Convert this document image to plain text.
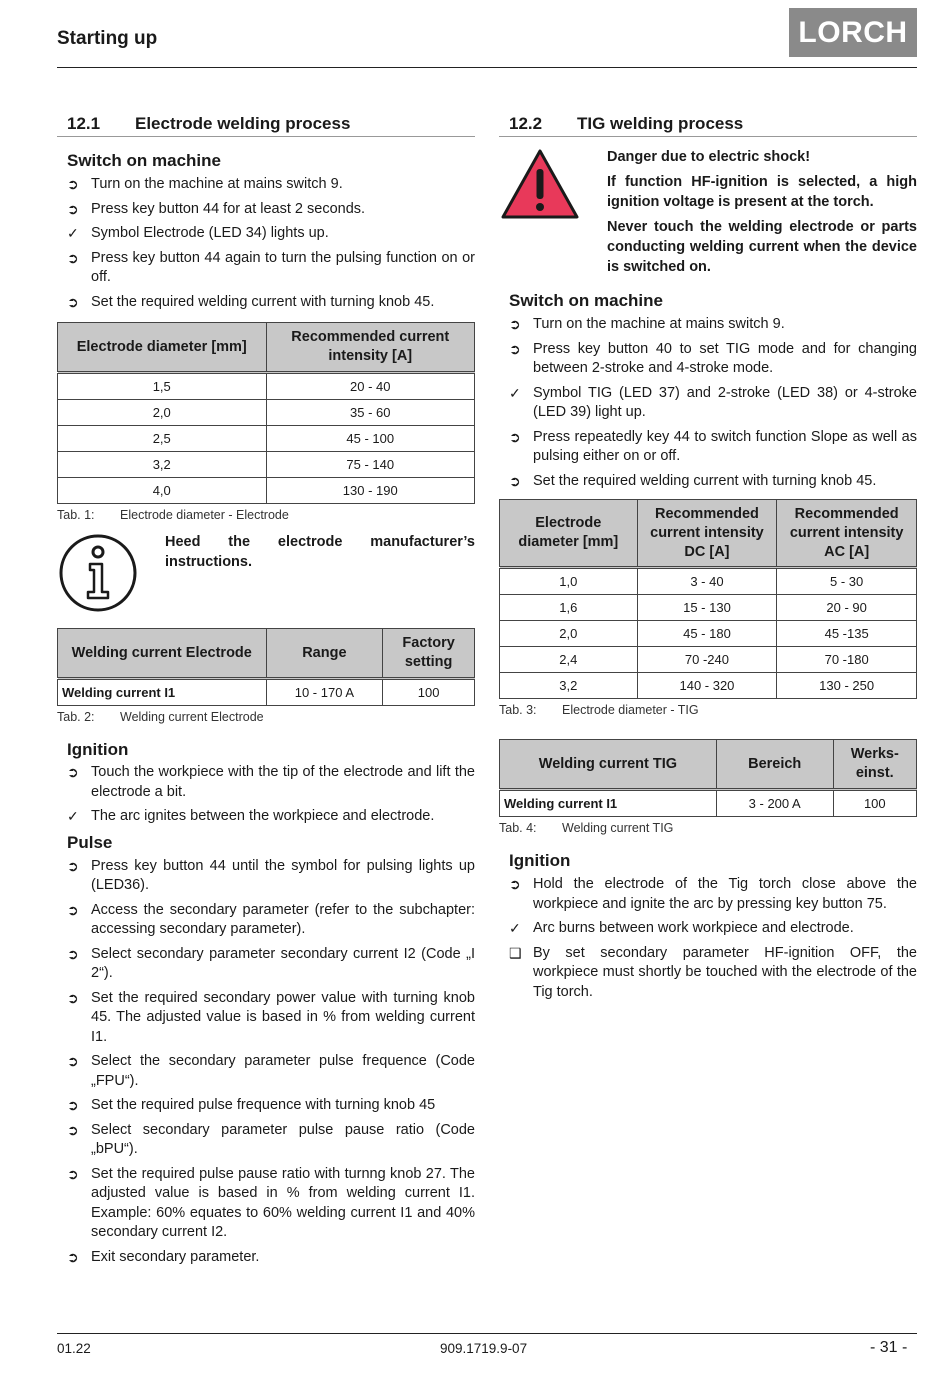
Starting up	LORCH
12.1 Electrode welding process
Switch on machine
➲ Turn on the machine at mains switch 9.
➲ Press key button 44 for at least 2 seconds.
✓ Symbol Electrode (LED 34) lights up.
➲ Press key button 44 again to turn the pulsing function on or off.
➲ Set the required welding current with turning knob 45.
Electrode diameter [mm]	Recommended current intensity [A]
1,5	20 - 40
2,0	35 - 60
2,5	45 - 100
3,2	75 - 140
4,0	130 - 190
Tab. 1: Electrode diameter - Electrode
Heed the electrode manufacturer’s instructions.
Welding current Electrode	Range	Factory setting
Welding current I1	10 - 170 A	100
Tab. 2: Welding current Electrode
Ignition
➲ Touch the workpiece with the tip of the electrode and lift the electrode a bit.
✓ The arc ignites between the workpiece and electrode.
Pulse
➲ Press key button 44 until the symbol for pulsing lights up (LED36).
➲ Access the secondary parameter (refer to the subchapter: accessing secondary parameter).
➲ Select secondary parameter secondary current I2 (Code „I 2“).
➲ Set the required secondary power value with turning knob 45. The adjusted value is based in % from welding current I1.
➲ Select the secondary parameter pulse frequence (Code „FPU“).
➲ Set the required pulse frequence with turning knob 45
➲ Select secondary parameter pulse pause ratio (Code „bPU“).
➲ Set the required pulse pause ratio with turnng knob 27. The adjusted value is based in % from welding current I1. Example: 60% equates to 60% welding current I1 and 40% secondary current I2.
➲ Exit secondary parameter.
12.2 TIG welding process
Danger due to electric shock!
If function HF-ignition is selected, a high ignition voltage is present at the torch.
Never touch the welding electrode or parts conducting welding current when the device is switched on.
Switch on machine
➲ Turn on the machine at mains switch 9.
➲ Press key button 40 to set TIG mode and for changing between 2-stroke and 4-stroke mode.
✓ Symbol TIG (LED 37) and 2-stroke (LED 38) or 4-stroke (LED 39) light up.
➲ Press repeatedly key 44 to switch function Slope as well as pulsing either on or off.
➲ Set the required welding current with turning knob 45.
Electrode diameter [mm]	Recommended current intensity DC [A]	Recommended current intensity AC [A]
1,0	3 - 40	5 - 30
1,6	15 - 130	20 - 90
2,0	45 - 180	45 -135
2,4	70 -240	70 -180
3,2	140 - 320	130 - 250
Tab. 3: Electrode diameter - TIG
Welding current TIG	Bereich	Werks-einst.
Welding current I1	3 - 200 A	100
Tab. 4: Welding current TIG
Ignition
➲ Hold the electrode of the Tig torch close above the workpiece and ignite the arc by pressing key button 75.
✓ Arc burns between work workpiece and electrode.
❑ By set secondary parameter HF-ignition OFF, the workpiece must shortly be touched with the electrode of the Tig torch.
01.22	909.1719.9-07	- 31 -
